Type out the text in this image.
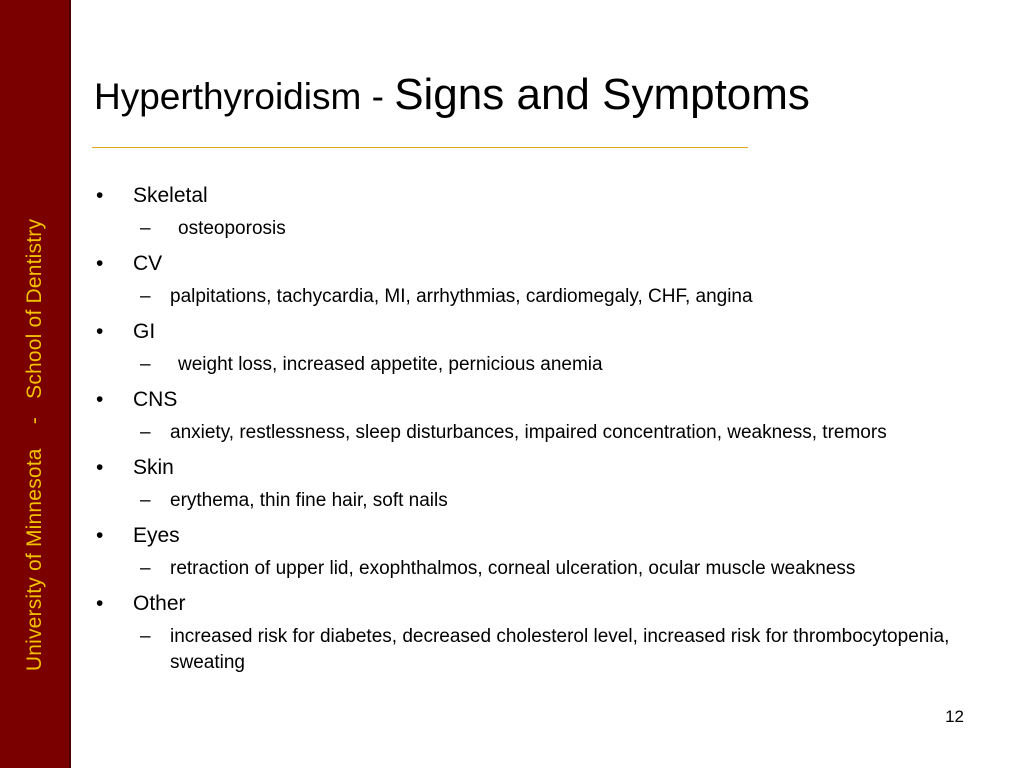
University of Minnesota    -   School of Dentistry
Hyperthyroidism - Signs and Symptoms
•	Skeletal
–	osteoporosis
•	CV
–	palpitations, tachycardia, MI, arrhythmias, cardiomegaly, CHF, angina
•	GI
–	weight loss, increased appetite, pernicious anemia
•	CNS
–	anxiety, restlessness, sleep disturbances, impaired concentration, weakness, tremors
•	Skin
–	erythema, thin fine hair, soft nails
•	Eyes
–	retraction of upper lid, exophthalmos, corneal ulceration, ocular muscle weakness
•	Other
–	increased risk for diabetes, decreased cholesterol level, increased risk for thrombocytopenia, sweating
12
